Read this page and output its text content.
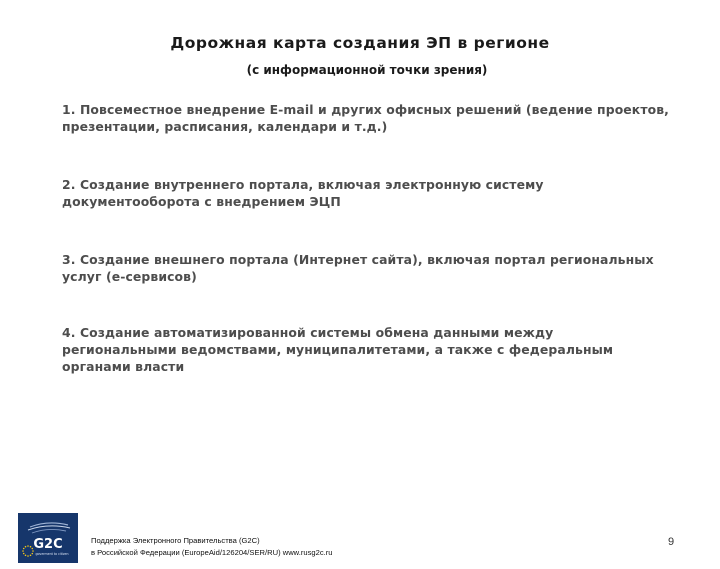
Дорожная карта создания ЭП в регионе
(с информационной точки зрения)
1. Повсеместное внедрение E-mail и других офисных решений (ведение проектов, презентации, расписания, календари и т.д.)
2. Создание внутреннего портала, включая электронную систему документооборота с внедрением ЭЦП
3. Создание внешнего портала (Интернет сайта), включая портал региональных услуг (е-сервисов)
4. Создание автоматизированной системы обмена данными между региональными ведомствами, муниципалитетами, а также с федеральным органами власти
G2C
goverment to citizen
Поддержка Электронного Правительства (G2C)
в Российской Федерации (EuropeAid/126204/SER/RU) www.rusg2c.ru
9
